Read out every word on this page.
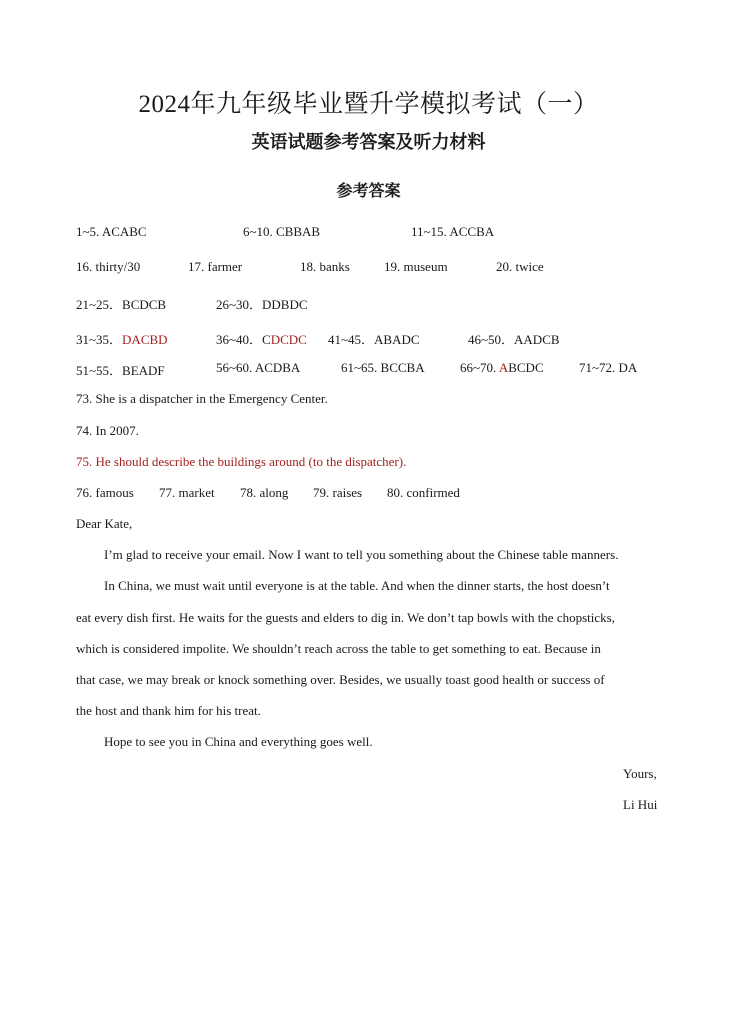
2024年九年级毕业暨升学模拟考试（一）
英语试题参考答案及听力材料
参考答案
1~5. ACABC	6~10. CBBAB	11~15. ACCBA
16. thirty/30	17. farmer	18. banks	19. museum	20. twice
21~25．BCDCB	26~30．DDBDC
31~35．DACBD	36~40．CDCDC 41~45．ABADC	46~50．AADCB
51~55．BEADF	56~60. ACDBA	61~65. BCCBA	66~70. ABCDC	71~72. DA
73. She is a dispatcher in the Emergency Center.
74. In 2007.
75. He should describe the buildings around (to the dispatcher).
76. famous 77. market 78. along 79. raises 80. confirmed
Dear Kate,
I’m glad to receive your email. Now I want to tell you something about the Chinese table manners.
In China, we must wait until everyone is at the table. And when the dinner starts, the host doesn’t
eat every dish first. He waits for the guests and elders to dig in. We don’t tap bowls with the chopsticks,
which is considered impolite. We shouldn’t reach across the table to get something to eat. Because in
that case, we may break or knock something over. Besides, we usually toast good health or success of
the host and thank him for his treat.
Hope to see you in China and everything goes well.
Yours,
Li Hui
